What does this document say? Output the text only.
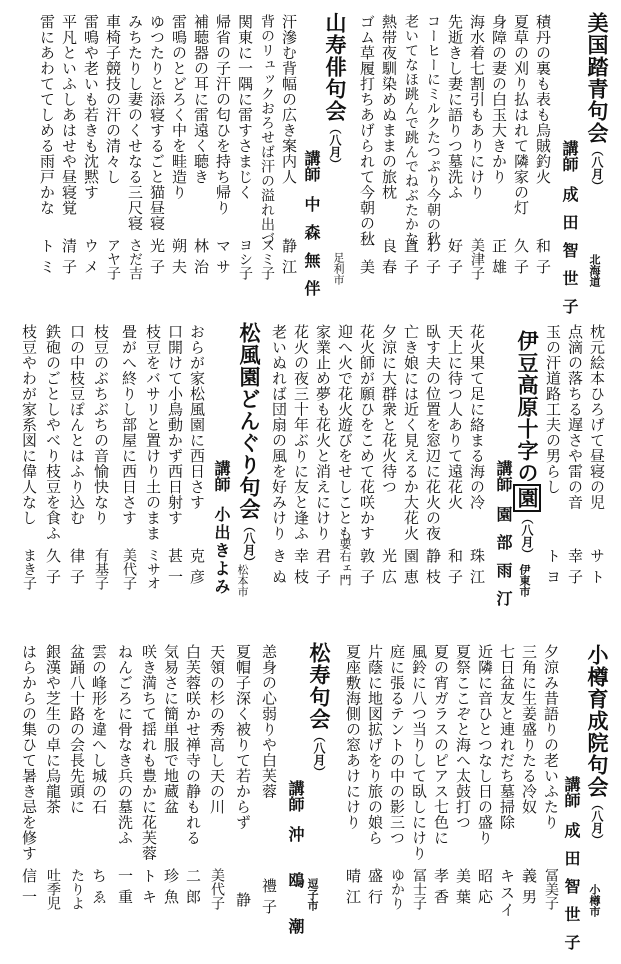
美国踏青句会（八月）
講師成田智世子 北海道
積丹の裏も表も烏賊釣火
和子
夏草の刈り払はれて隣家の灯
久子
身障の妻の白玉大きかり
正雄
海水着七割引もありにけり
美津子
先逝きし妻に語りつ墓洗ふ
好子
コーヒーにミルクたつぷり今朝の秋
わ子
老いてなほ跳んで跳んでねぶたかな
直子
熱帯夜馴染めぬままの旅枕
良春
ゴム草履打ちあげられて今朝の秋
一美
山寿俳句会（八月）
講師中森無伴 足利市
汗滲む背幅の広き案内人
静江
背のリュックおろせば汗の溢れ出づ
スミ子
関東に一隅に雷すさまじく
ヨシ子
帰省の子汗の匂ひを持ち帰り
マサ
補聴器の耳に雷遠く聴き
林治
雷鳴のとどろく中を畦造り
朔夫
ゆつたりと添寝するごと猫昼寝
光子
みちたりし妻のくせなる三尺寝
さだ吉
車椅子競技の汗の清々し
アヤ子
雷鳴や老いも若きも沈黙す
ウメ
平凡といふしあはせや昼寝覚
清子
雷にあわててしめる雨戸かな
トミ
枕元絵本ひろげて昼寝の児
サト
点滴の落ちる遅さや雷の音
幸子
玉の汗道路工夫の男らし
トヨ
伊豆高原十字の園（八月）
講師園部雨汀 伊東市
花火果て足に絡まる海の冷
珠江
天上に待つ人ありて遠花火
和子
臥す夫の位置を窓辺に花火の夜
静枝
亡き娘には近く見えるか大花火
園恵
夕涼に大群衆と花火待つ
光広
花火師が願ひをこめて花咲かす
敦子
迎へ火で花火遊びをせしことも
要右ェ門
家業止め夢も花火と消えにけり
君子
花火の夜三十年ぶりに友と逢ふ
幸枝
老いぬれば団扇の風を好みけり
きぬ
松風園どんぐり句会（八月）
講師小出きよみ 松本市
おらが家松風園に西日さす
克彦
口開けて小鳥動かず西日射す
甚一
枝豆をバサリと置けり土のまま
ミサオ
畳がへ終りし部屋に西日さす
美代子
枝豆のぶちぶちの音愉快なり
有基子
口の中枝豆ぽんとはふり込む
律子
鉄砲のごとしやべり枝豆を食ふ
久子
枝豆やわが家系図に偉人なし
まき子
小樽育成院句会（八月）
講師成田智世子 小樽市
夕涼み昔語りの老いふたり
冨美子
三角に生姜盛りたる冷奴
義男
七日盆友と連れだち墓掃除
キスイ
近隣に音ひとつなし日の盛り
昭応
夏祭ここぞと海へ太鼓打つ
美葉
夏の宵ガラスのピアス七色に
孝香
風鈴に八つ当りして臥しにけり
冨士子
庭に張るテントの中の影三つ
ゆかり
片蔭に地図拡げをり旅の娘ら
盛行
夏座敷海側の窓あけにけり
晴江
松寿句会（八月）
講師沖鴎潮 逗子市
恙身の心弱りや白芙蓉
禮子
夏帽子深く被りて若からず
静
天領の杉の秀高し天の川
美代子
白芙蓉咲かせ禅寺の静もれる
二郎
気易さに簡単服で地蔵盆
珍魚
咲き満ちて揺れも豊かに花芙蓉
トキ
ねんごろに骨なき兵の墓洗ふ
一重
雲の峰形を違へし城の石
ちゑ
盆踊八十路の会長先頭に
たりよ
銀漢や芝生の卓に烏龍茶
吐季児
はらからの集ひて暑き忌を修す
信一
